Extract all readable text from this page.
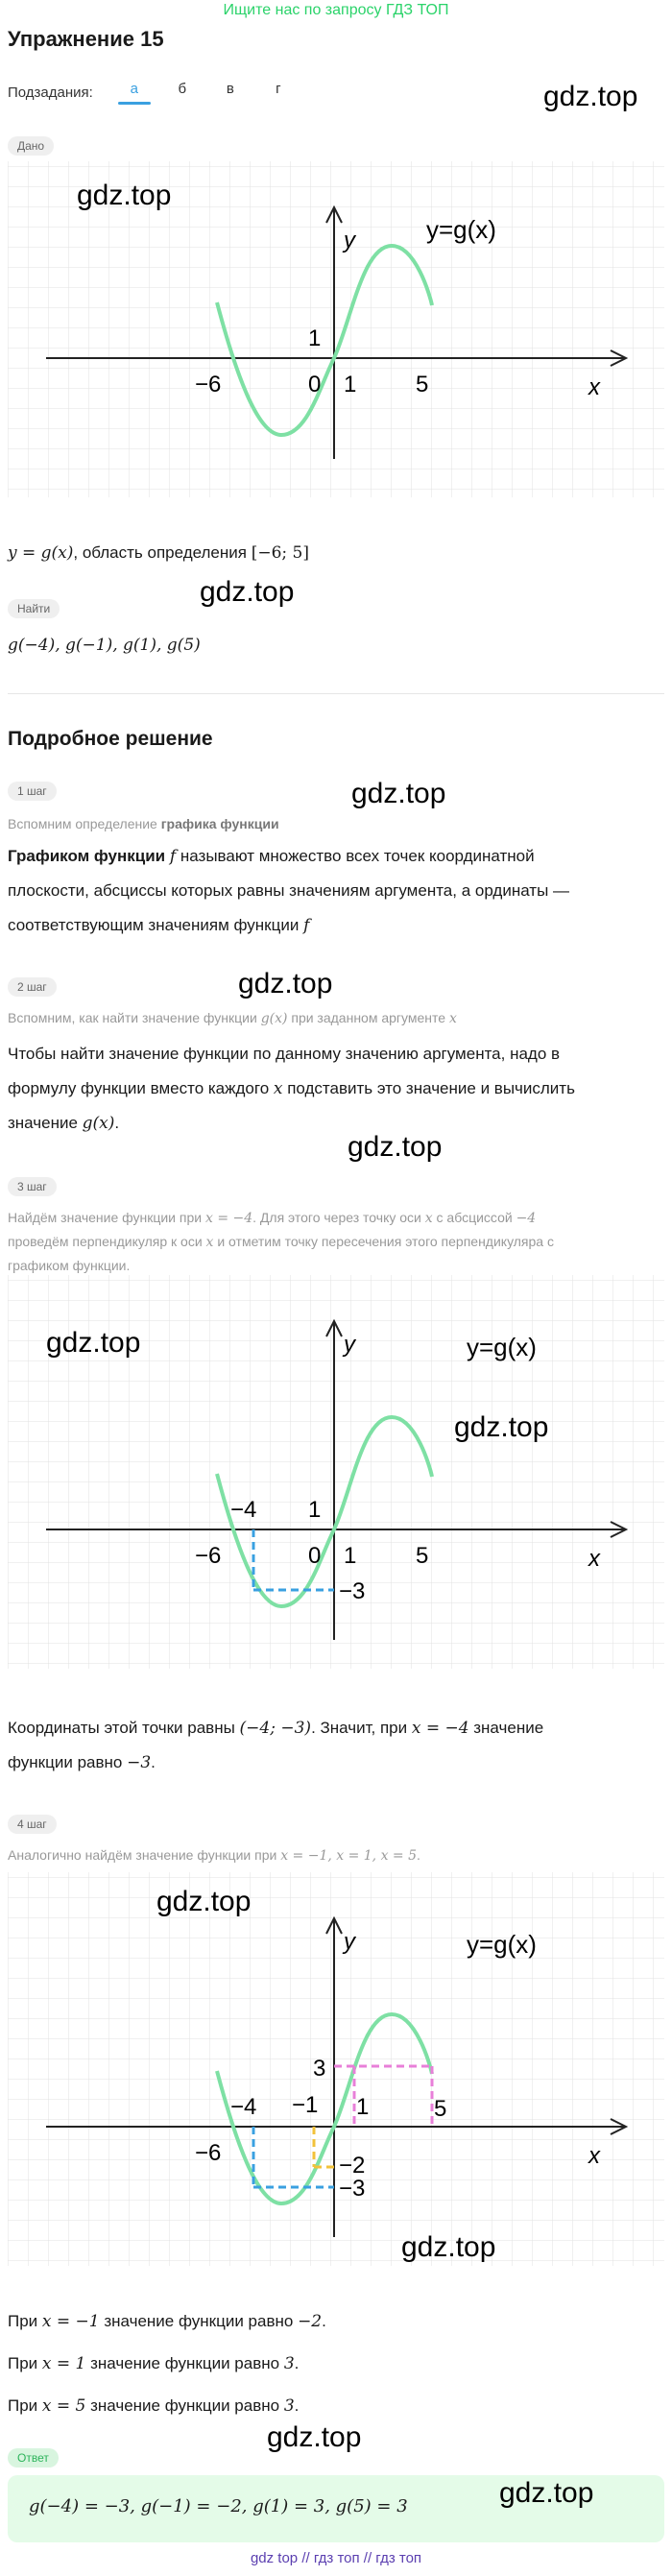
Ищите нас по запросу ГДЗ ТОП
Упражнение 15
Подзадания:	а	б	в	г	gdz.top
Дано
gdz.top
y=g(x)
y
x
−6	0 1	5
1
y = g(x), область определения [−6; 5]
gdz.top
Найти
g(−4), g(−1), g(1), g(5)
Подробное решение
gdz.top
1 шаг
Вспомним определение графика функции
Графиком функции f называют множество всех точек координатной
плоскости, абсциссы которых равны значениям аргумента, а ординаты —
соответствующим значениям функции f
gdz.top
2 шаг
Вспомним, как найти значение функции g(x) при заданном аргументе x
Чтобы найти значение функции по данному значению аргумента, надо в
формулу функции вместо каждого x подставить это значение и вычислить
значение g(x).
gdz.top
3 шаг
Найдём значение функции при x = −4. Для этого через точку оси x с абсциссой −4
проведём перпендикуляр к оси x и отметим точку пересечения этого перпендикуляра с
графиком функции.
gdz.top	y=g(x)
gdz.top
y
x
−6	0 1	5
1
−4
−3
Координаты этой точки равны (−4; −3). Значит, при x = −4 значение
функции равно −3.
4 шаг
Аналогично найдём значение функции при x = −1, x = 1, x = 5.
gdz.top
y=g(x)
gdz.top
y
x
−6
1	5
3
−4 −1
−2
−3
При x = −1 значение функции равно −2.
При x = 1 значение функции равно 3.
При x = 5 значение функции равно 3.
gdz.top
Ответ
g(−4) = −3, g(−1) = −2, g(1) = 3, g(5) = 3	gdz.top
gdz top // гдз топ // гдз топ
